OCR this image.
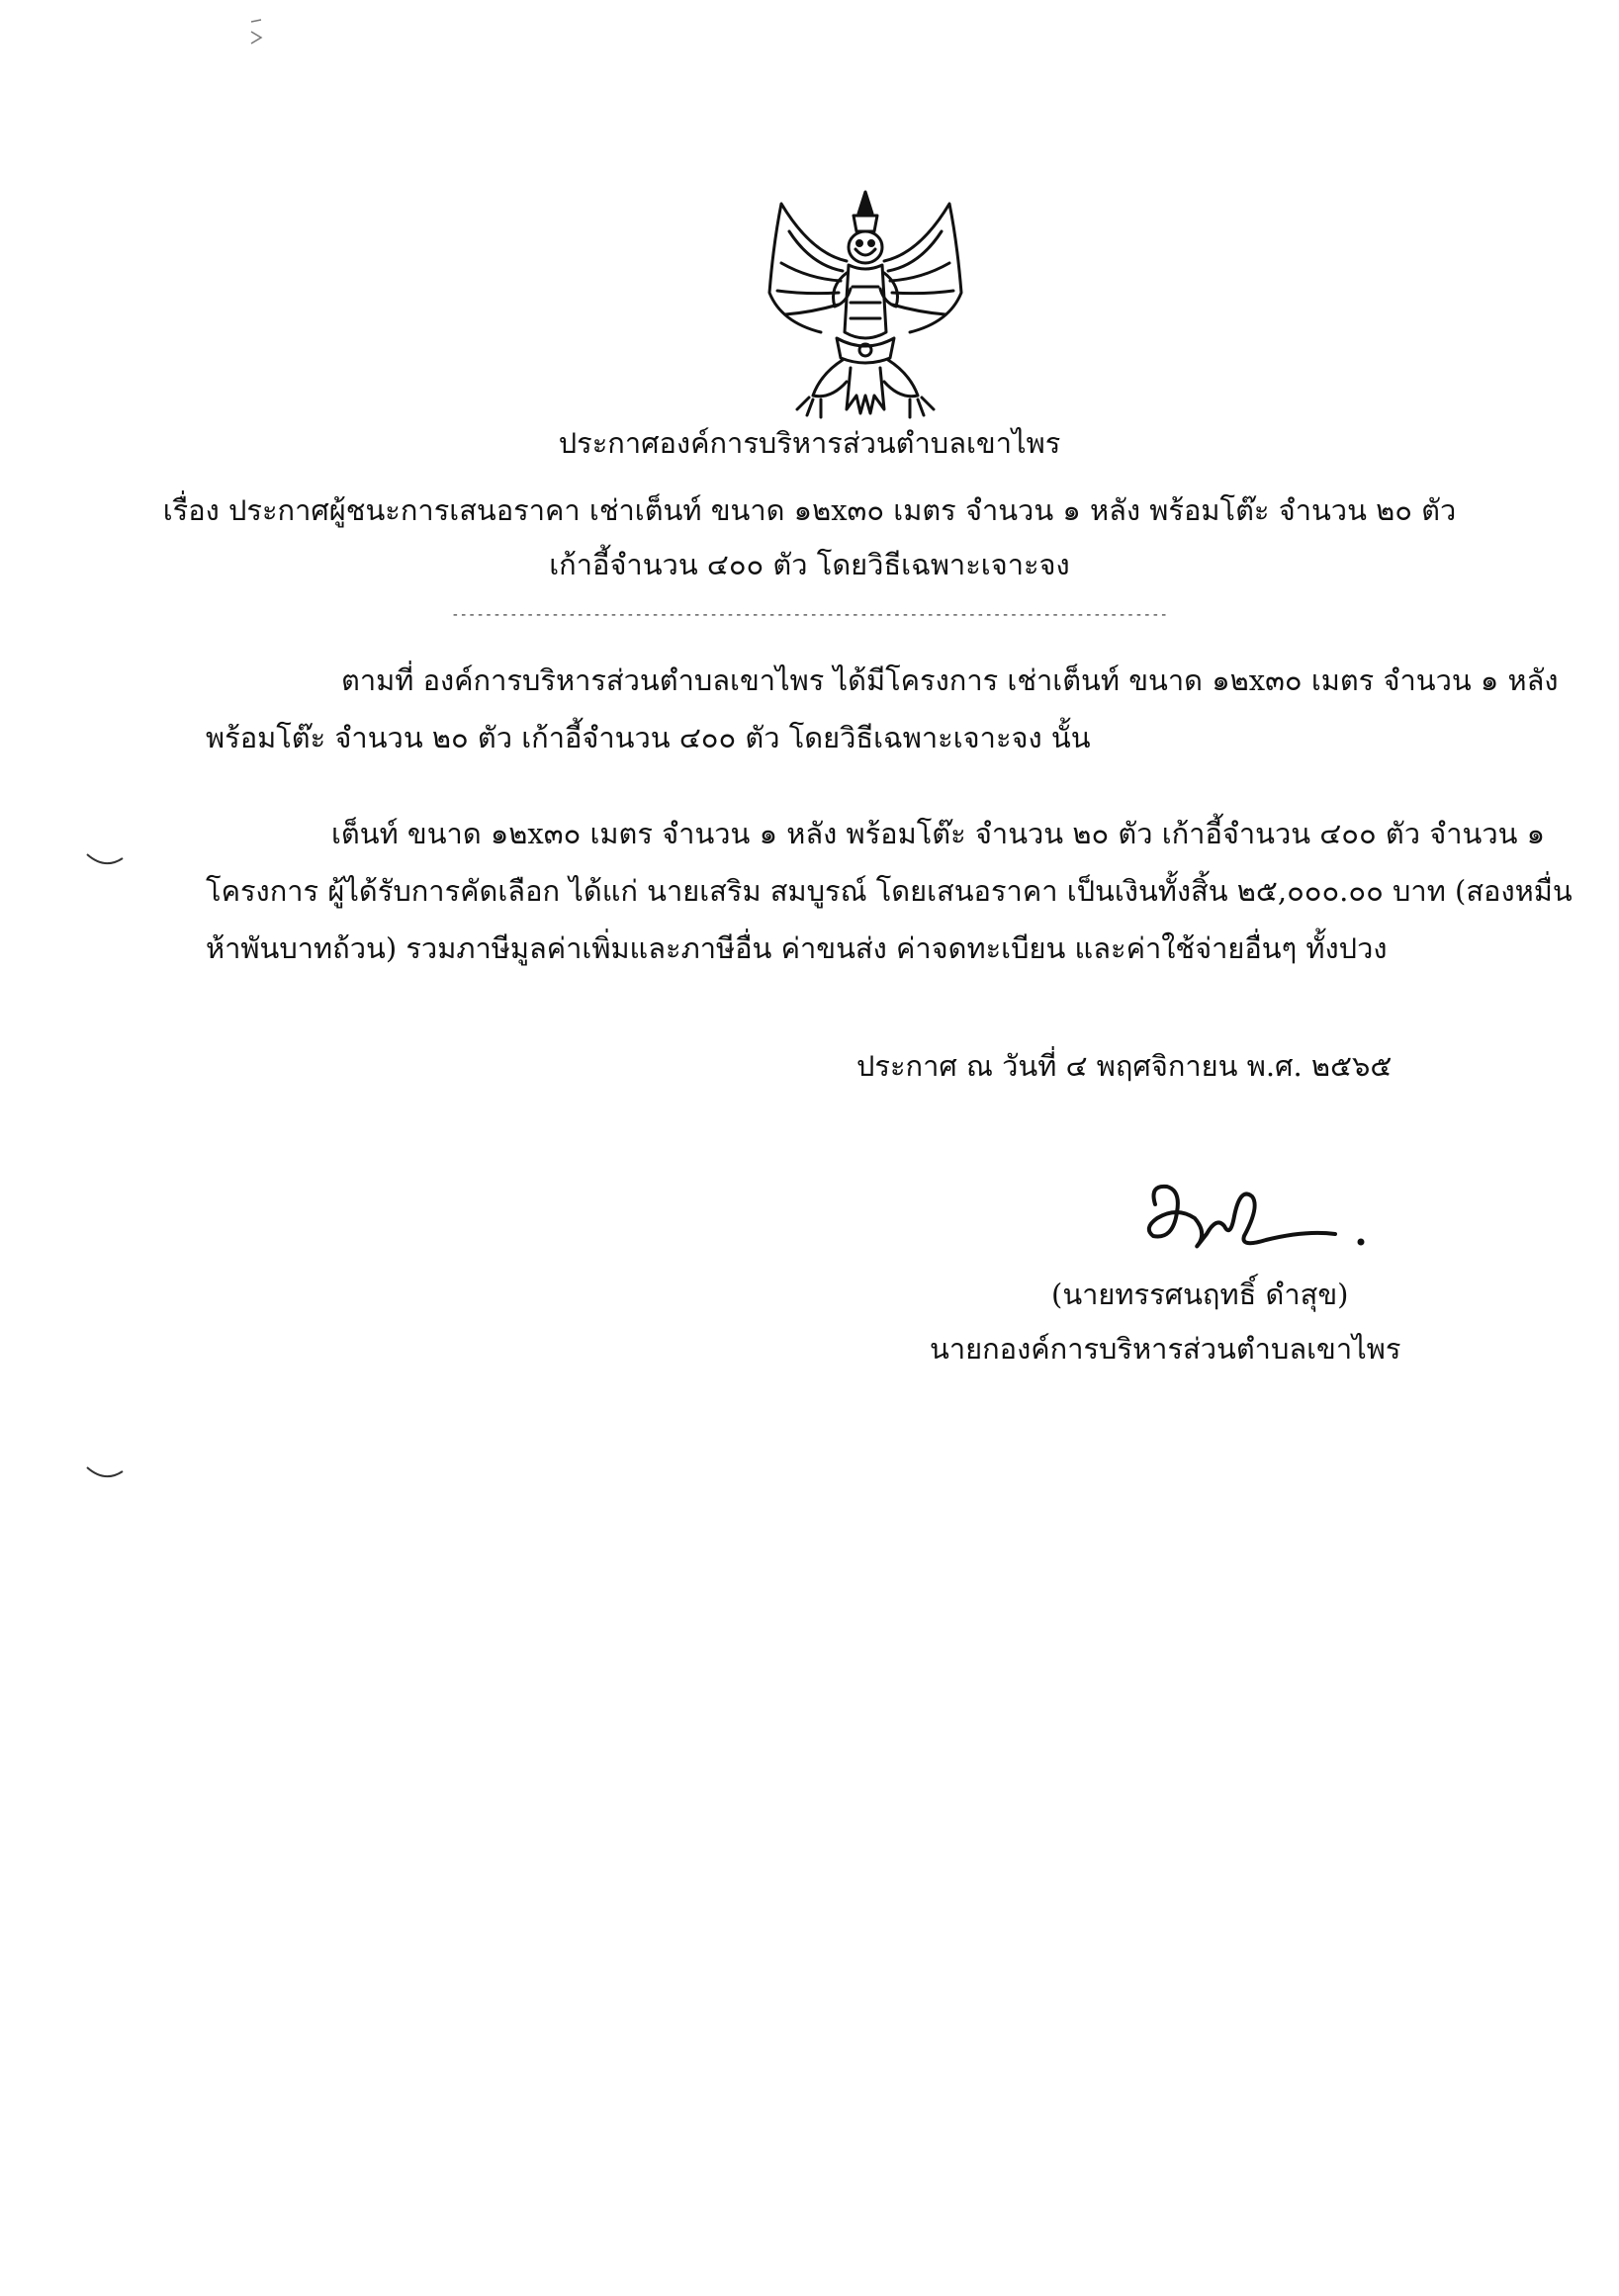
ประกาศองค์การบริหารส่วนตำบลเขาไพร
เรื่อง ประกาศผู้ชนะการเสนอราคา เช่าเต็นท์ ขนาด ๑๒x๓๐ เมตร จำนวน ๑ หลัง พร้อมโต๊ะ จำนวน ๒๐ ตัว
เก้าอี้จำนวน ๔๐๐ ตัว โดยวิธีเฉพาะเจาะจง
--------------------------------------------------------------------------------------
ตามที่ องค์การบริหารส่วนตำบลเขาไพร ได้มีโครงการ เช่าเต็นท์ ขนาด ๑๒x๓๐ เมตร จำนวน ๑ หลัง
พร้อมโต๊ะ จำนวน ๒๐ ตัว เก้าอี้จำนวน ๔๐๐ ตัว โดยวิธีเฉพาะเจาะจง นั้น
เต็นท์ ขนาด ๑๒x๓๐ เมตร จำนวน ๑ หลัง พร้อมโต๊ะ จำนวน ๒๐ ตัว เก้าอี้จำนวน ๔๐๐ ตัว จำนวน ๑
โครงการ ผู้ได้รับการคัดเลือก ได้แก่ นายเสริม สมบูรณ์ โดยเสนอราคา เป็นเงินทั้งสิ้น ๒๕,๐๐๐.๐๐ บาท (สองหมื่น
ห้าพันบาทถ้วน) รวมภาษีมูลค่าเพิ่มและภาษีอื่น ค่าขนส่ง ค่าจดทะเบียน และค่าใช้จ่ายอื่นๆ ทั้งปวง
ประกาศ ณ วันที่ ๔ พฤศจิกายน พ.ศ. ๒๕๖๕
(นายทรรศนฤทธิ์ ดำสุข)
นายกองค์การบริหารส่วนตำบลเขาไพร
